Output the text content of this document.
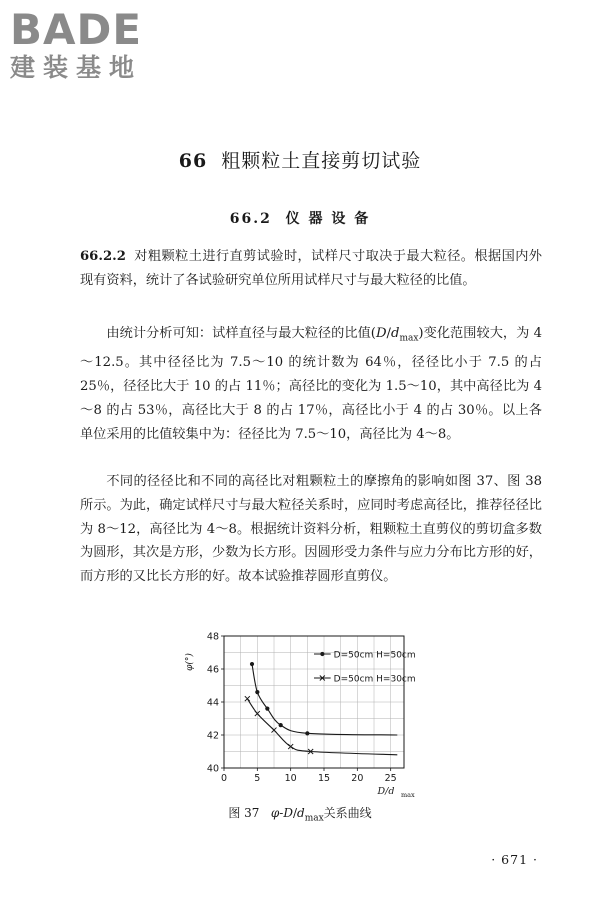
BADE
建装基地
66 粗颗粒土直接剪切试验
66.2 仪 器 设 备

66.2.2 对粗颗粒土进行直剪试验时，试样尺寸取决于最大粒径。根据国内外现有资料，统计了各试验研究单位所用试样尺寸与最大粒径的比值。

由统计分析可知：试样直径与最大粒径的比值$(D/d_{max})$变化范围较大，为 4～12.5。其中径径比为 7.5～10 的统计数为 64％，径径比小于 7.5 的占 25％，径径比大于 10 的占 11％；高径比的变化为 1.5～10，其中高径比为 4～8 的占 53％，高径比大于 8 的占 17％，高径比小于 4 的占 30％。以上各单位采用的比值较集中为：径径比为 7.5～10，高径比为 4～8。

不同的径径比和不同的高径比对粗颗粒土的摩擦角的影响如图 37、图 38 所示。为此，确定试样尺寸与最大粒径关系时，应同时考虑高径比，推荐径径比为 8～12，高径比为 4～8。根据统计资料分析，粗颗粒土直剪仪的剪切盒多数为圆形，其次是方形，少数为长方形。因圆形受力条件与应力分布比方形的好，而方形的又比长方形的好。故本试验推荐圆形直剪仪。

0	5	10 15 20 25
40
42
44
46
48
φ(°)
D/d max
D=50cm H=50cm
D=50cm H=30cm
图 37 $\varphi-D/d_{max}$关系曲线
· 671 ·
